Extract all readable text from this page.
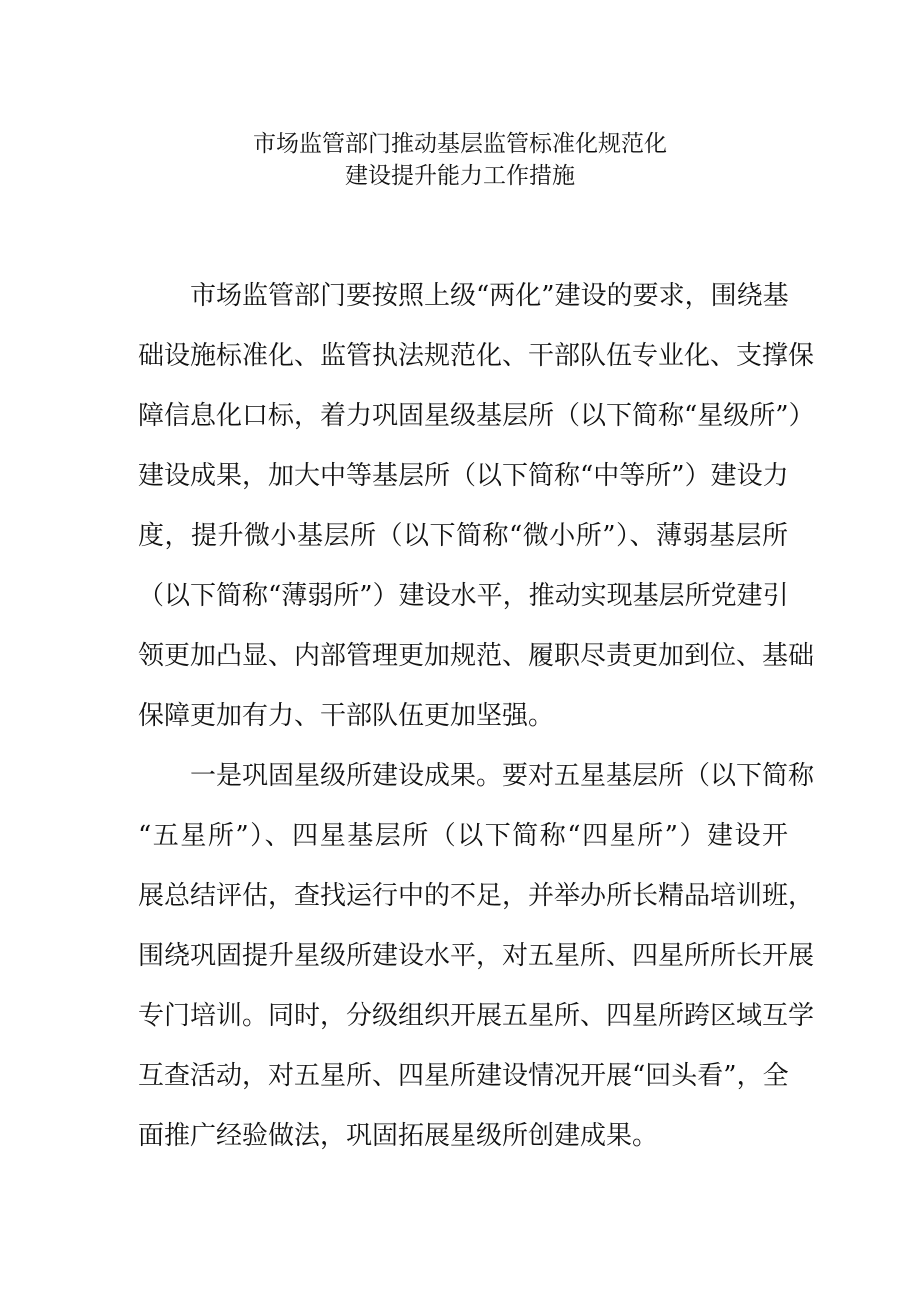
市场监管部门推动基层监管标准化规范化
建设提升能力工作措施
市场监管部门要按照上级“两化”建设的要求，围绕基
础设施标准化、监管执法规范化、干部队伍专业化、支撑保
障信息化口标，着力巩固星级基层所（以下简称“星级所”）
建设成果，加大中等基层所（以下简称“中等所”）建设力
度，提升微小基层所（以下简称“微小所”）、薄弱基层所
（以下简称“薄弱所”）建设水平，推动实现基层所党建引
领更加凸显、内部管理更加规范、履职尽责更加到位、基础
保障更加有力、干部队伍更加坚强。
一是巩固星级所建设成果。要对五星基层所（以下简称
“五星所”）、四星基层所（以下简称“四星所”）建设开
展总结评估，查找运行中的不足，并举办所长精品培训班，
围绕巩固提升星级所建设水平，对五星所、四星所所长开展
专门培训。同时，分级组织开展五星所、四星所跨区域互学
互查活动，对五星所、四星所建设情况开展“回头看”，全
面推广经验做法，巩固拓展星级所创建成果。
